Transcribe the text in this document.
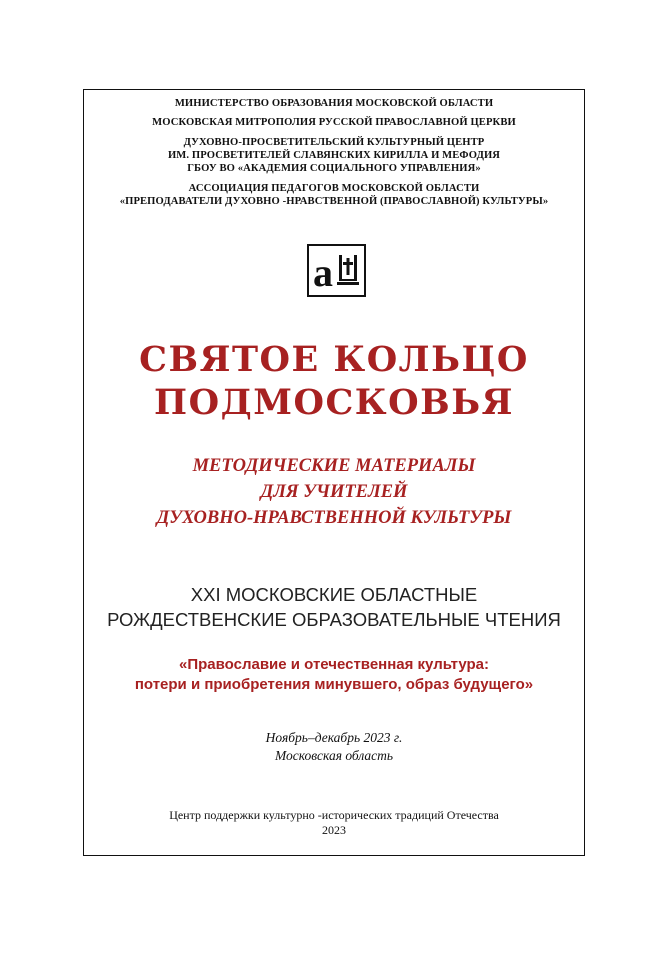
МИНИСТЕРСТВО ОБРАЗОВАНИЯ МОСКОВСКОЙ ОБЛАСТИ
МОСКОВСКАЯ МИТРОПОЛИЯ РУССКОЙ ПРАВОСЛАВНОЙ ЦЕРКВИ
ДУХОВНО-ПРОСВЕТИТЕЛЬСКИЙ КУЛЬТУРНЫЙ ЦЕНТР
ИМ. ПРОСВЕТИТЕЛЕЙ СЛАВЯНСКИХ КИРИЛЛА И МЕФОДИЯ
ГБОУ ВО «АКАДЕМИЯ СОЦИАЛЬНОГО УПРАВЛЕНИЯ»
АССОЦИАЦИЯ ПЕДАГОГОВ МОСКОВСКОЙ ОБЛАСТИ
«ПРЕПОДАВАТЕЛИ ДУХОВНО -НРАВСТВЕННОЙ (ПРАВОСЛАВНОЙ) КУЛЬТУРЫ»
а
СВЯТОЕ КОЛЬЦО
ПОДМОСКОВЬЯ
МЕТОДИЧЕСКИЕ МАТЕРИАЛЫ
ДЛЯ УЧИТЕЛЕЙ
ДУХОВНО-НРАВСТВЕННОЙ КУЛЬТУРЫ
XXI МОСКОВСКИЕ ОБЛАСТНЫЕ
РОЖДЕСТВЕНСКИЕ ОБРАЗОВАТЕЛЬНЫЕ ЧТЕНИЯ
«Православие и отечественная культура:
потери и приобретения минувшего, образ будущего»
Ноябрь–декабрь 2023 г.
Московская область
Центр поддержки культурно -исторических традиций Отечества
2023
